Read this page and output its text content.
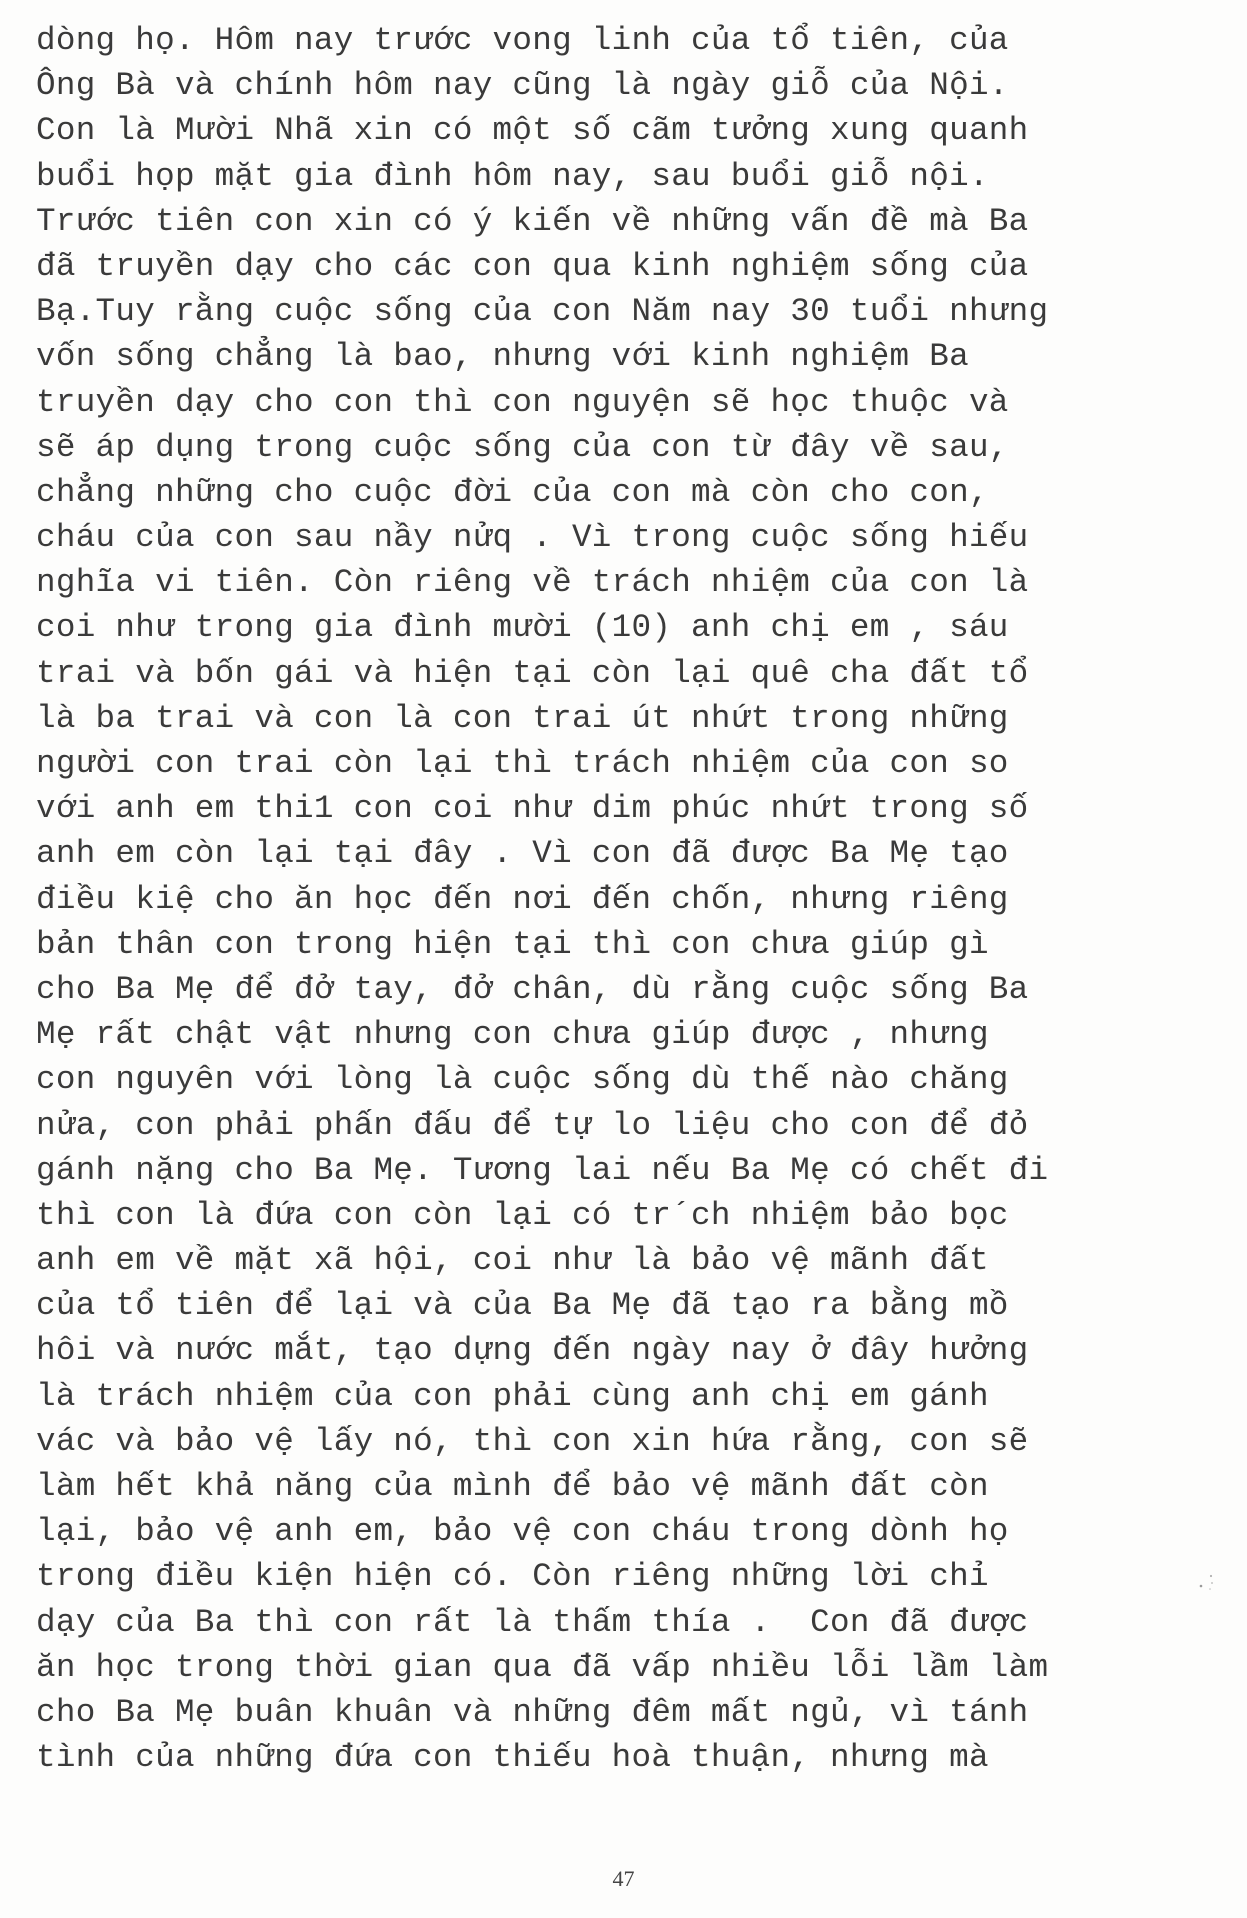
dòng họ. Hôm nay trước vong linh của tổ tiên, của
Ông Bà và chính hôm nay cũng là ngày giỗ của Nội.
Con là Mười Nhã xin có một số cãm tưởng xung quanh
buổi họp mặt gia đình hôm nay, sau buổi giỗ nội.
Trước tiên con xin có ý kiến về những vấn đề mà Ba
đã truyền dạy cho các con qua kinh nghiệm sống của
Bạ.Tuy rằng cuộc sống của con Năm nay 30 tuổi nhưng
vốn sống chẳng là bao, nhưng với kinh nghiệm Ba
truyền dạy cho con thì con nguyện sẽ học thuộc và
sẽ áp dụng trong cuộc sống của con từ đây về sau,
chẳng những cho cuộc đời của con mà còn cho con,
cháu của con sau nầy nửq . Vì trong cuộc sống hiếu
nghĩa vi tiên. Còn riêng về trách nhiệm của con là
coi như trong gia đình mười (10) anh chị em , sáu
trai và bốn gái và hiện tại còn lại quê cha đất tổ
là ba trai và con là con trai út nhứt trong những
người con trai còn lại thì trách nhiệm của con so
với anh em thi1 con coi như dim phúc nhứt trong số
anh em còn lại tại đây . Vì con đã được Ba Mẹ tạo
điều kiệ cho ăn học đến nơi đến chốn, nhưng riêng
bản thân con trong hiện tại thì con chưa giúp gì
cho Ba Mẹ để đở tay, đở chân, dù rằng cuộc sống Ba
Mẹ rất chật vật nhưng con chưa giúp được , nhưng
con nguyên với lòng là cuộc sống dù thế nào chăng
nửa, con phải phấn đấu để tự lo liệu cho con để đỏ
gánh nặng cho Ba Mẹ. Tương lai nếu Ba Mẹ có chết đi
thì con là đứa con còn lại có tr´ch nhiệm bảo bọc
anh em về mặt xã hội, coi như là bảo vệ mãnh đất
của tổ tiên để lại và của Ba Mẹ đã tạo ra bằng mồ
hôi và nước mắt, tạo dựng đến ngày nay ở đây hưởng
là trách nhiệm của con phải cùng anh chị em gánh
vác và bảo vệ lấy nó, thì con xin hứa rằng, con sẽ
làm hết khả năng của mình để bảo vệ mãnh đất còn
lại, bảo vệ anh em, bảo vệ con cháu trong dònh họ
trong điều kiện hiện có. Còn riêng những lời chỉ
dạy của Ba thì con rất là thấm thía .  Con đã được
ăn học trong thời gian qua đã vấp nhiều lỗi lầm làm
cho Ba Mẹ buân khuân và những đêm mất ngủ, vì tánh
tình của những đứa con thiếu hoà thuận, nhưng mà
47
